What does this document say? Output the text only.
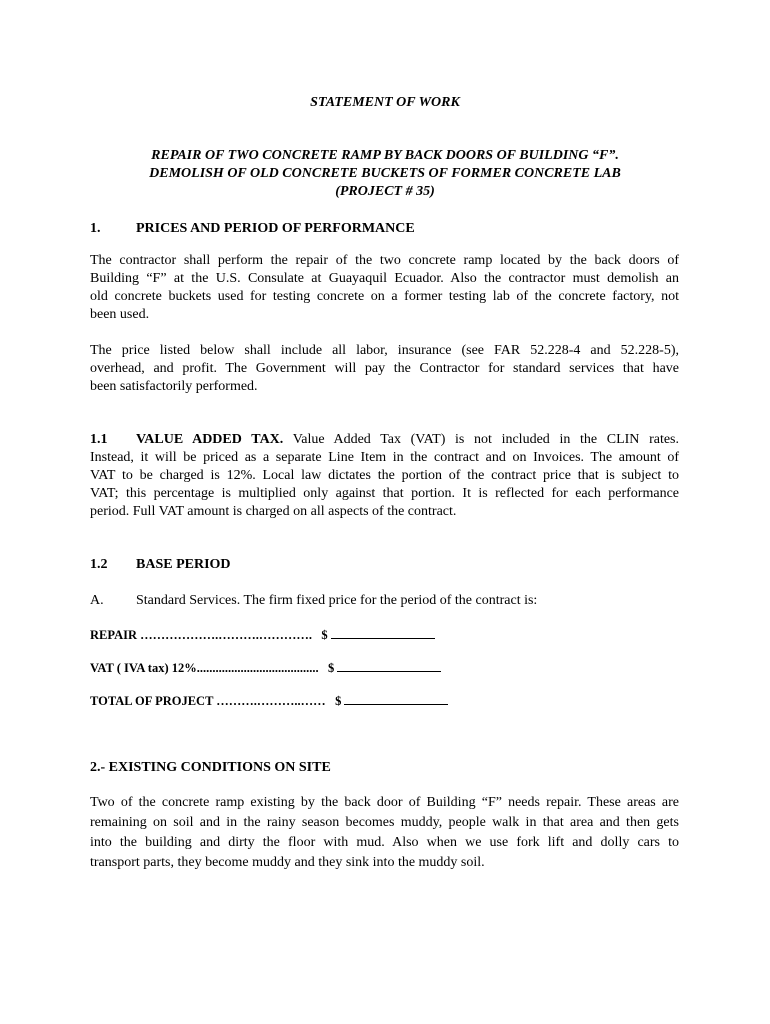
STATEMENT OF WORK
REPAIR OF TWO CONCRETE RAMP BY BACK DOORS OF BUILDING “F”.
DEMOLISH OF OLD CONCRETE BUCKETS OF FORMER CONCRETE LAB
(PROJECT # 35)
1.	PRICES AND PERIOD OF PERFORMANCE
The contractor shall perform the repair of the two concrete ramp located by the back doors of
Building “F” at the U.S. Consulate at Guayaquil Ecuador. Also the contractor must demolish an
old concrete buckets used for testing concrete on a former testing lab of the concrete factory, not
been used.
The price listed below shall include all labor, insurance (see FAR 52.228-4 and 52.228-5),
overhead, and profit. The Government will pay the Contractor for standard services that have
been satisfactorily performed.
1.1 VALUE ADDED TAX. Value Added Tax (VAT) is not included in the CLIN rates.
Instead, it will be priced as a separate Line Item in the contract and on Invoices. The amount of
VAT to be charged is 12%. Local law dictates the portion of the contract price that is subject to
VAT; this percentage is multiplied only against that portion. It is reflected for each performance
period. Full VAT amount is charged on all aspects of the contract.
1.2 BASE PERIOD
A. Standard Services. The firm fixed price for the period of the contract is:
REPAIR ……………….……….…………. $
VAT ( IVA tax) 12%....................................... $
TOTAL OF PROJECT ……….………..…… $
2.- EXISTING CONDITIONS ON SITE
Two of the concrete ramp existing by the back door of Building “F” needs repair. These areas are
remaining on soil and in the rainy season becomes muddy, people walk in that area and then gets
into the building and dirty the floor with mud. Also when we use fork lift and dolly cars to
transport parts, they become muddy and they sink into the muddy soil.
